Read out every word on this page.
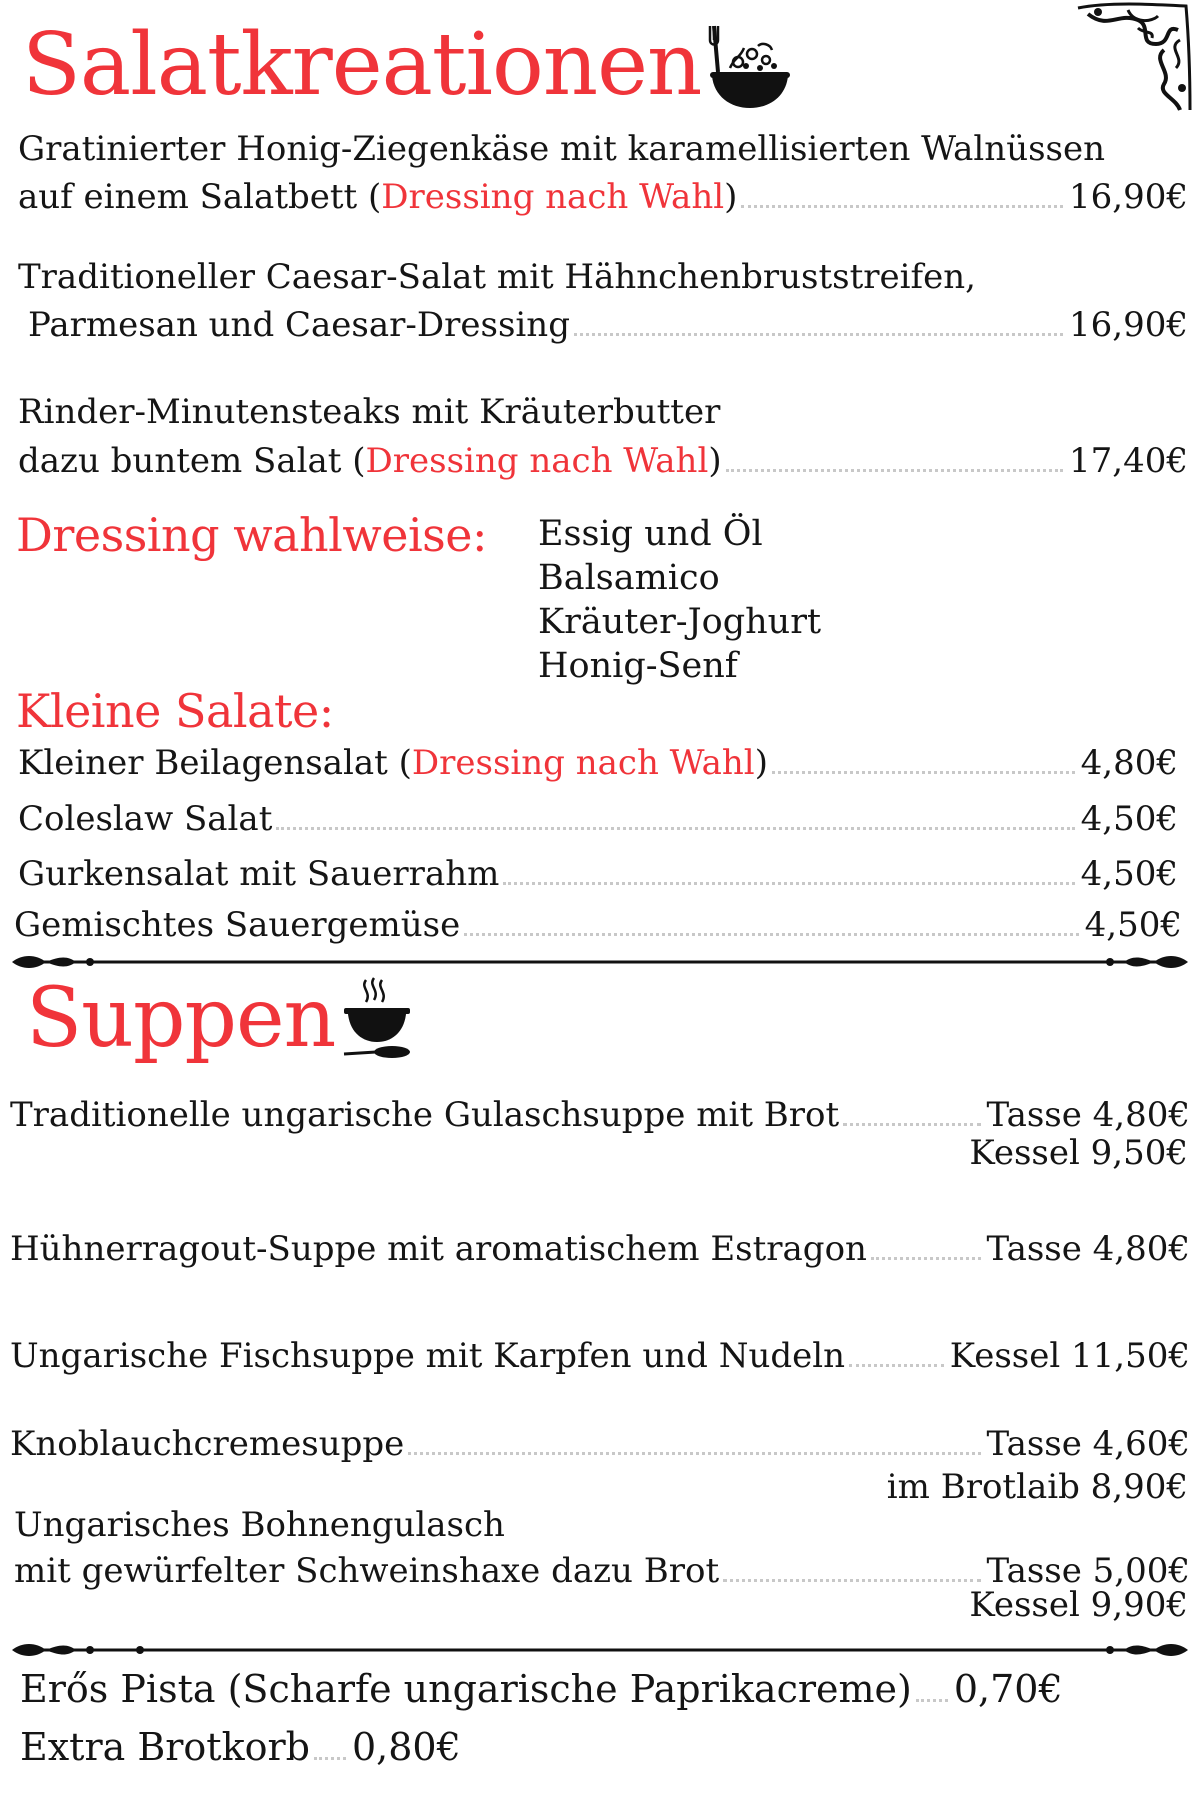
Salatkreationen
Gratinierter Honig-Ziegenkäse mit karamellisierten Walnüssen
auf einem Salatbett (Dressing nach Wahl)	16,90€
Traditioneller Caesar-Salat mit Hähnchenbruststreifen,
Parmesan und Caesar-Dressing	16,90€
Rinder-Minutensteaks mit Kräuterbutter
dazu buntem Salat (Dressing nach Wahl)	17,40€
Dressing wahlweise: Essig und Öl
Balsamico
Kräuter-Joghurt
Honig-Senf
Kleine Salate:
Kleiner Beilagensalat (Dressing nach Wahl)	4,80€
Coleslaw Salat	4,50€
Gurkensalat mit Sauerrahm	4,50€
Gemischtes Sauergemüse	4,50€
Suppen
Traditionelle ungarische Gulaschsuppe mit Brot	Tasse 4,80€
Kessel 9,50€
Hühnerragout-Suppe mit aromatischem Estragon	Tasse 4,80€
Ungarische Fischsuppe mit Karpfen und Nudeln	Kessel 11,50€
Knoblauchcremesuppe	Tasse 4,60€
im Brotlaib 8,90€
Ungarisches Bohnengulasch
mit gewürfelter Schweinshaxe dazu Brot	Tasse 5,00€
Kessel 9,90€
Erős Pista (Scharfe ungarische Paprikacreme) 0,70€
Extra Brotkorb 0,80€
